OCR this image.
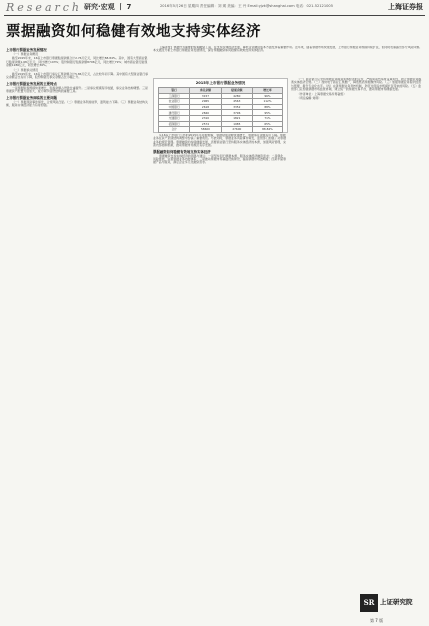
Research 研究·宏观 丨 7	2016年5月26日 星期四 责任编辑：刘 瑛 美编：王 丹 Email:yjzk@shanghai.com 电话：021-52121005	上海证券报
票据融资如何稳健有效地支持实体经济
上市银行票据业务发展情况

（一）票据业务概况

截至2015年末，16家上市银行票据贴现余额合计2.76万亿元，同比增长88.84%。其中，国有大型商业银行贴现余额1.68万亿元，同比增长103%；股份制银行贴现余额8796亿元，同比增长79%；城市商业银行贴现余额1286亿元，同比增长36%。

（二）票据承兑情况

截至2015年末，16家上市银行承兑汇票余额合计5.86万亿元，占比较年初下降。其中国有大型商业银行承兑余额占比有所下降，股份制银行承兑余额占比小幅上升。

上市银行票据业务发展的主要特点

一是票据贴现规模快速增长，贴现余额占贷款比重提升。二是承兑规模有所收缩，承兑业务结构调整。三是票据资产配置力度加大，成为调节信贷结构的重要工具。

上市银行票据业务面临的主要问题

（一）票据风险事件频发，合规风险凸显。（二）票据业务利差收窄，盈利能力下降。（三）票据业务结构失衡，服务实体经济能力有待加强。

【编者按】票据作为重要的短期融资工具，在支持实体经济发展、降低企业融资成本方面发挥着重要作用。近年来，随着票据市场快速发展，上市银行票据业务规模持续扩张，但同时也暴露出部分风险问题。本文通过分析上市银行票据业务发展情况，探讨票据融资如何稳健有效地支持实体经济。

2015年上市银行票据业务情况
银行	承兑余额	贴现余额	增长率
工商银行	3157	4280	96%
农业银行	2965	4563	112%
中国银行	2618	3352	88%
建设银行	2840	3796	95%
交通银行	2310	1821	71%
招商银行	2574	1985	65%
合计	58600	27600	88.84%

从16家上市银行公布的2015年年报数据看，票据贴现余额快速增长，票据承兑余额有所下降。票据业务在资产负债结构调整中扮演了重要角色。与此同时，票据业务风险事件频发，监管部门加强了对票据业务的规范管理。票据融资的持续健康发展，需要商业银行坚持服务实体经济的本源，加强风险管理，完善内部控制机制，推动票据市场规范有序发展。

票据融资如何稳健有效地支持实体经济

票据融资支持实体经济的思路与建议：一是坚持回归票据本源，服务实体经济融资需求；二是强化风险管控，完善票据业务内控体系；三是推动票据市场基础设施建设，提高票据市场透明度；四是丰富票据产品与服务，满足企业多元化融资需求。

（一）商业银行应坚持票据业务服务实体经济的定位，严格审查贸易背景真实性，防止票据业务脱离实体经济空转。（二）加快电子商业汇票推广，降低纸质票据操作风险。（三）加强票据业务集中经营与管理，提升专业化水平。（四）完善票据业务考核机制，防范过度追求规模扩张带来的风险。（五）监管部门应加强票据市场监管协调，建立统一的票据交易平台，推动票据市场健康发展。

（作者单位：上海票据交易所筹备组）

（责任编辑 刘瑛）

SR 上证研究院
第 7 版
